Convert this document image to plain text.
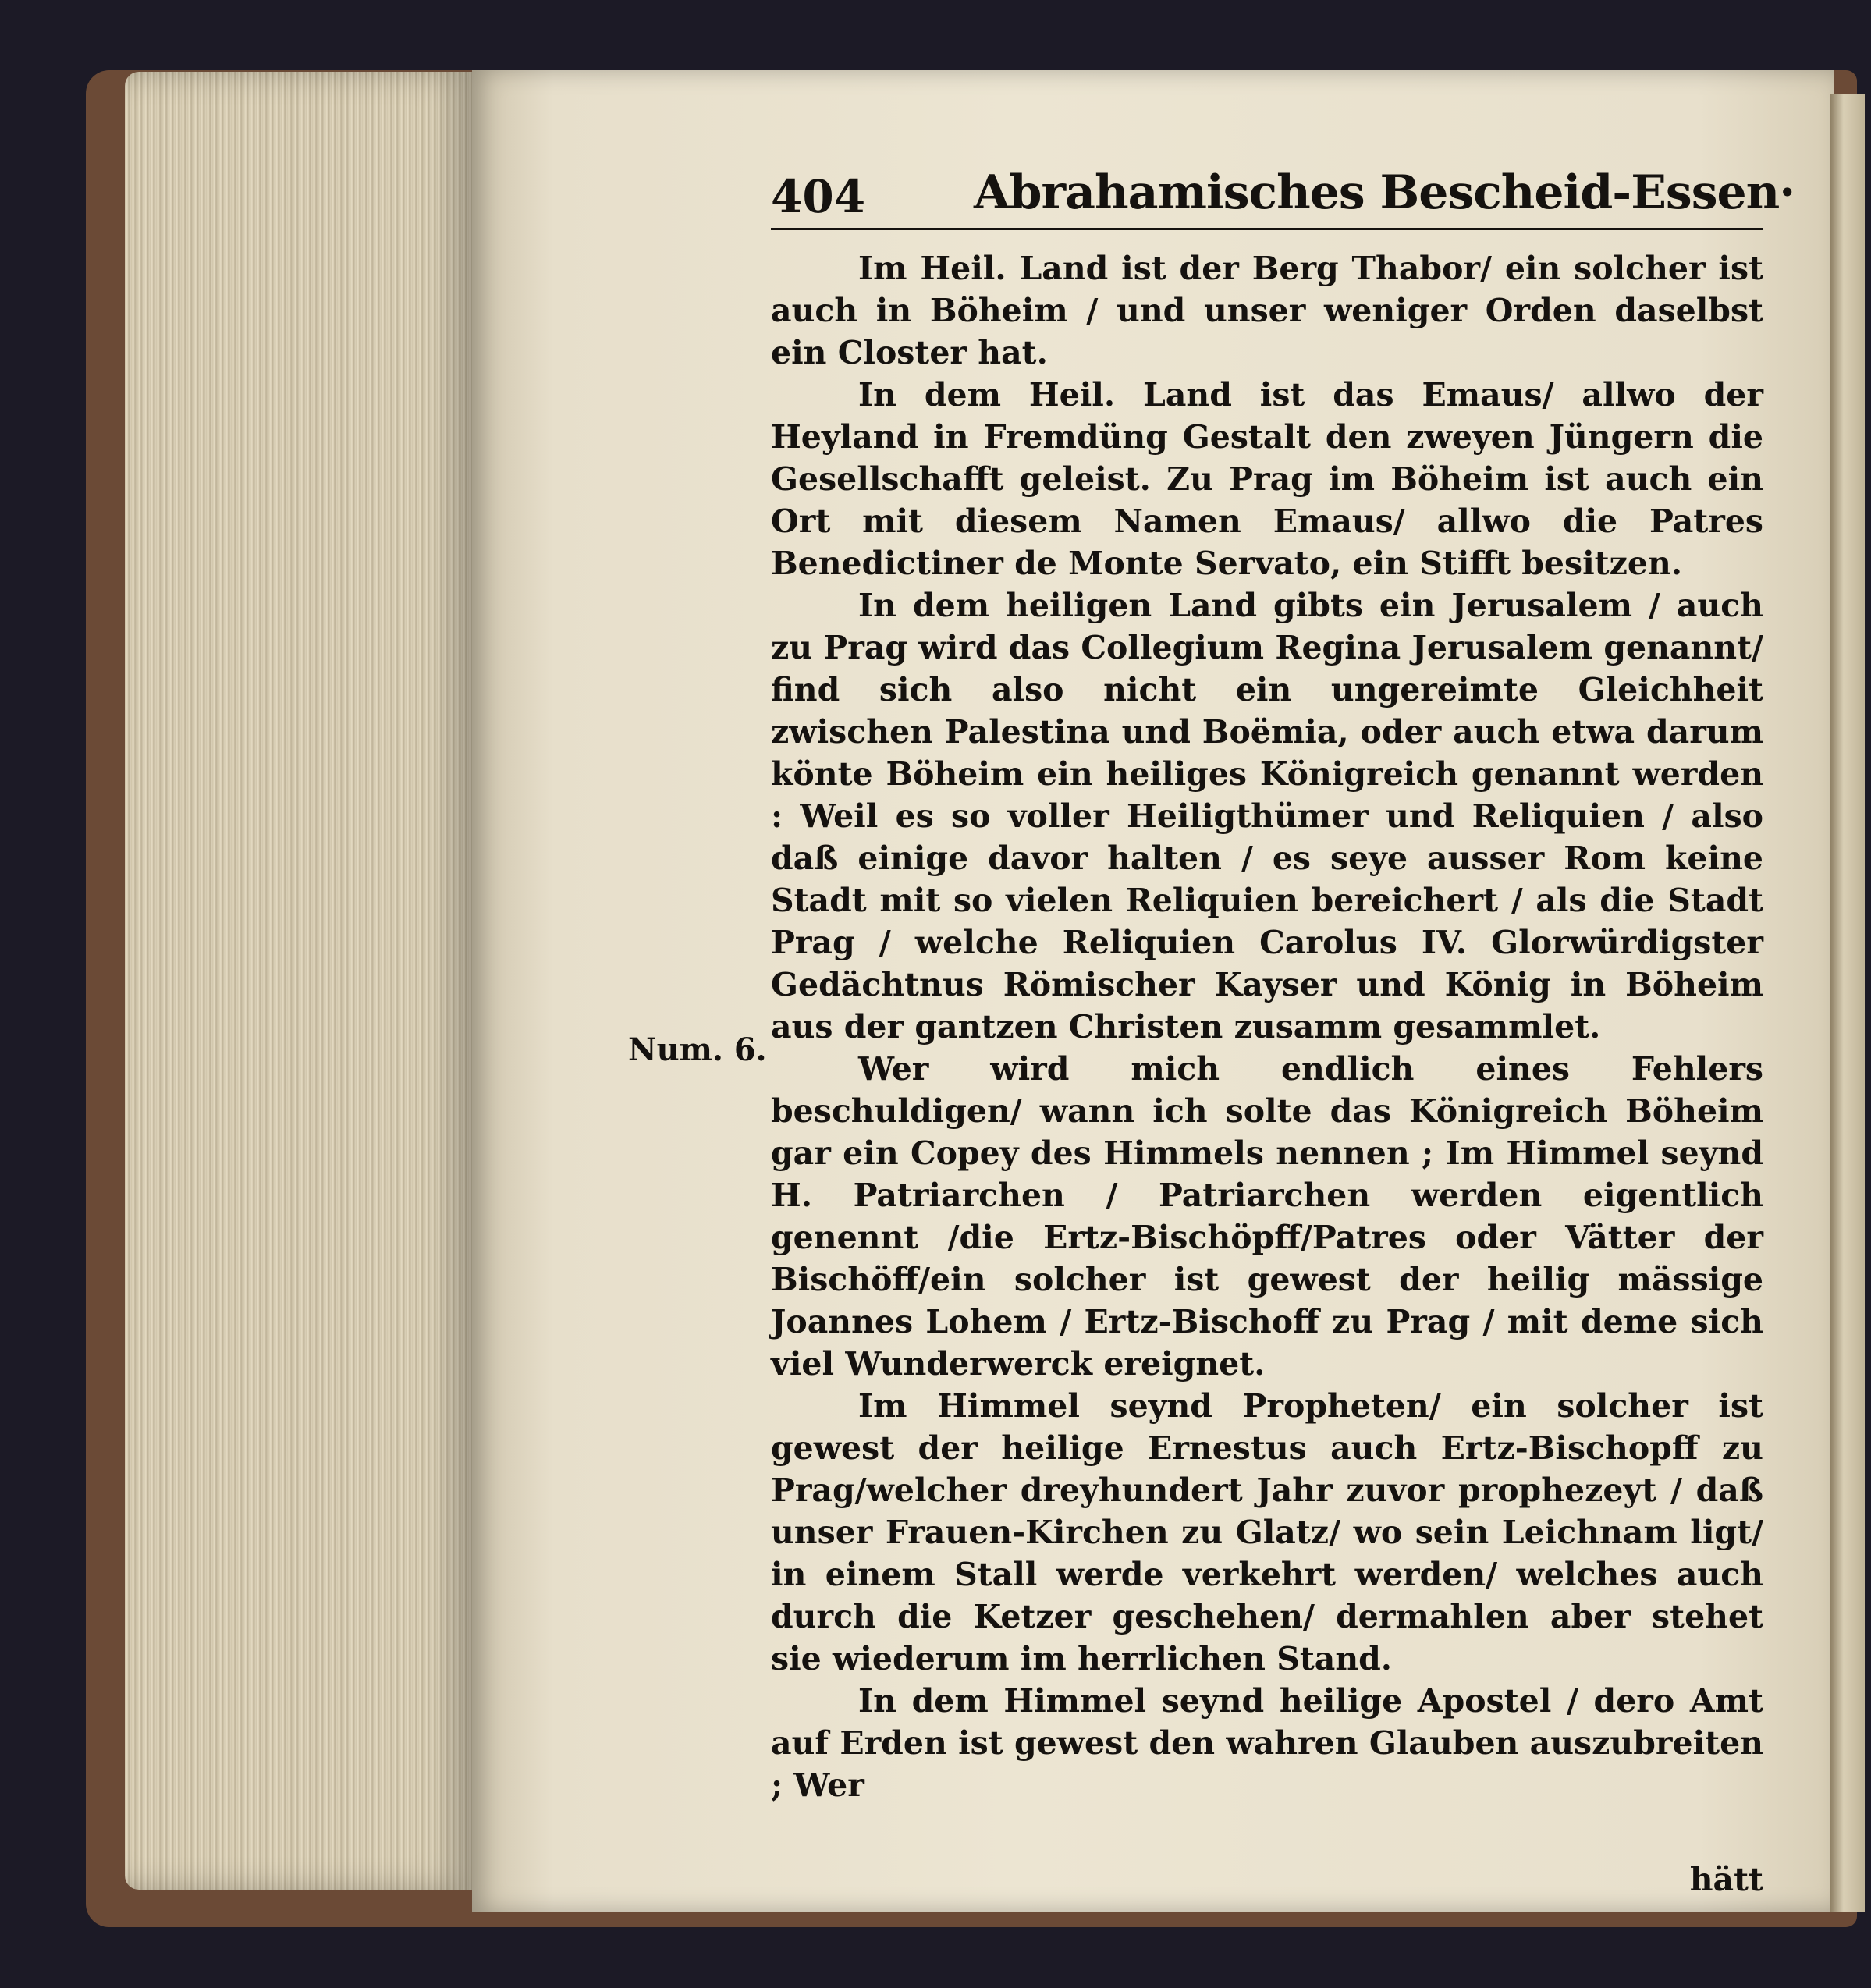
Num. 6.
404 Abrahamisches Bescheid-Essen·

Im Heil. Land ist der Berg Thabor/ ein solcher ist auch in Böheim / und unser weniger Orden daselbst ein Closter hat.

In dem Heil. Land ist das Emaus/ allwo der Heyland in Fremdüng Gestalt den zweyen Jüngern die Gesellschafft geleist. Zu Prag im Böheim ist auch ein Ort mit diesem Namen Emaus/ allwo die Patres Benedictiner de Monte Servato, ein Stifft besitzen.

In dem heiligen Land gibts ein Jerusalem / auch zu Prag wird das Collegium Regina Jerusalem genannt/ find sich also nicht ein ungereimte Gleichheit zwischen Palestina und Boëmia, oder auch etwa darum könte Böheim ein heiliges Königreich genannt werden : Weil es so voller Heiligthümer und Reliquien / also daß einige davor halten / es seye ausser Rom keine Stadt mit so vielen Reliquien bereichert / als die Stadt Prag / welche Reliquien Carolus IV. Glorwürdigster Gedächtnus Römischer Kayser und König in Böheim aus der gantzen Christen zusamm gesammlet.

Wer wird mich endlich eines Fehlers beschuldigen/ wann ich solte das Königreich Böheim gar ein Copey des Himmels nennen ; Im Himmel seynd H. Patriarchen / Patriarchen werden eigentlich genennt /die Ertz-Bischöpff/Patres oder Vätter der Bischöff/ein solcher ist gewest der heilig mässige Joannes Lohem / Ertz-Bischoff zu Prag / mit deme sich viel Wunderwerck ereignet.

Im Himmel seynd Propheten/ ein solcher ist gewest der heilige Ernestus auch Ertz-Bischopff zu Prag/welcher dreyhundert Jahr zuvor prophezeyt / daß unser Frauen-Kirchen zu Glatz/ wo sein Leichnam ligt/ in einem Stall werde verkehrt werden/ welches auch durch die Ketzer geschehen/ dermahlen aber stehet sie wiederum im herrlichen Stand.

In dem Himmel seynd heilige Apostel / dero Amt auf Erden ist gewest den wahren Glauben auszubreiten ; Wer

hätt
